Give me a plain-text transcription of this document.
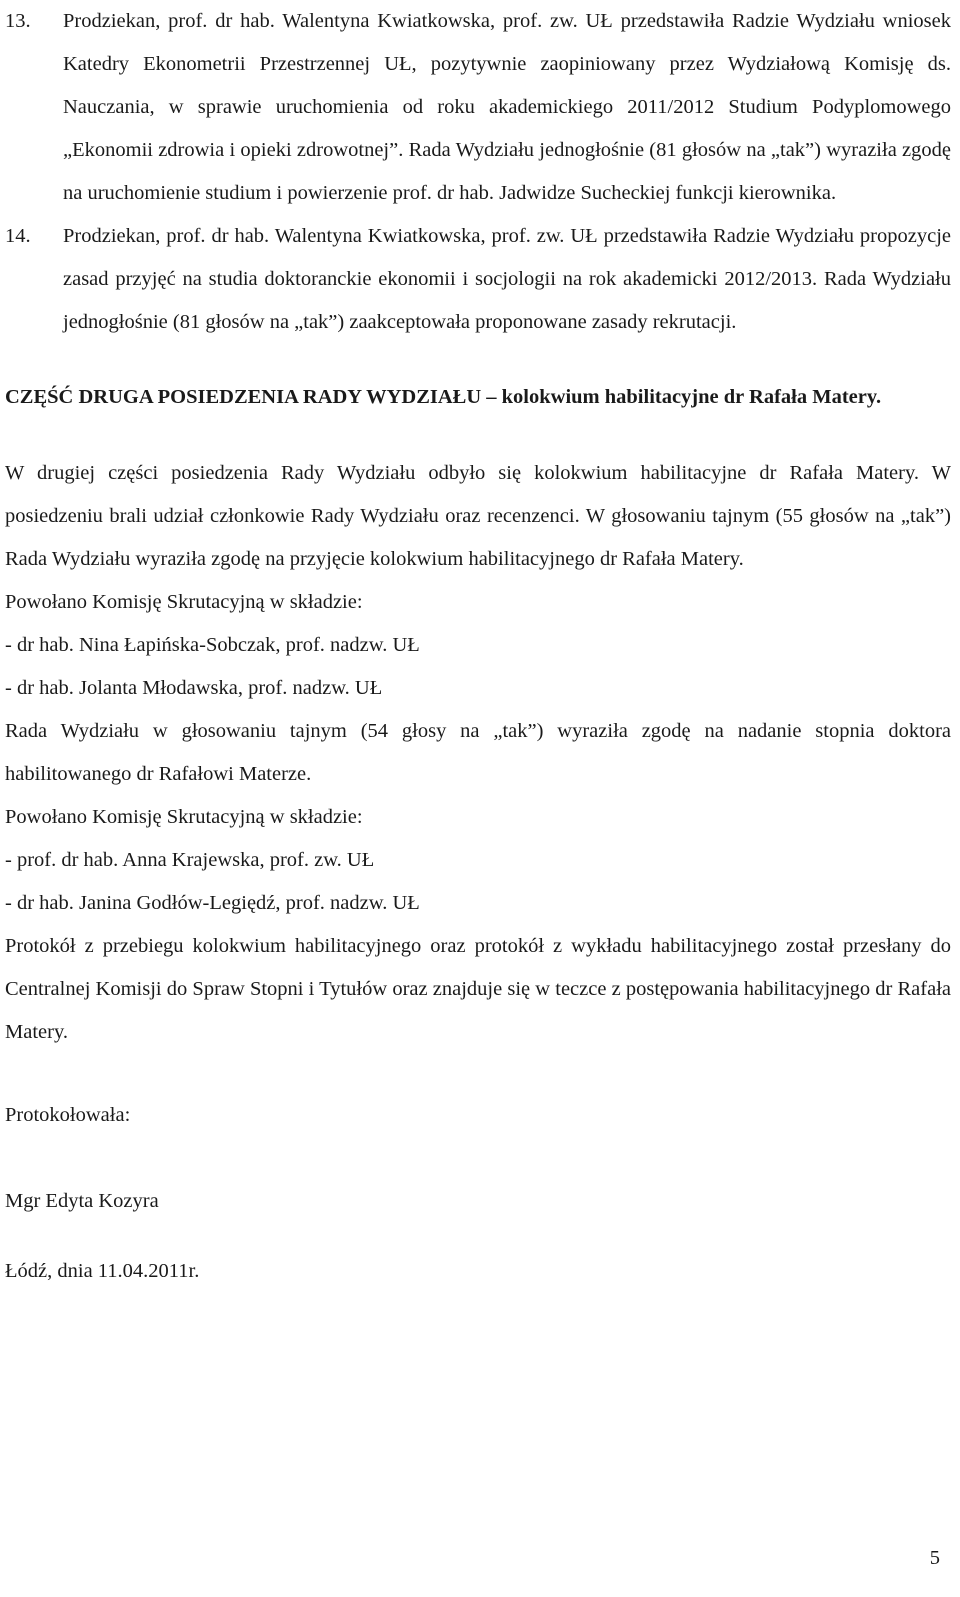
13.	Prodziekan, prof. dr hab. Walentyna Kwiatkowska, prof. zw. UŁ przedstawiła Radzie Wydziału wniosek Katedry Ekonometrii Przestrzennej UŁ, pozytywnie zaopiniowany przez Wydziałową Komisję ds. Nauczania, w sprawie uruchomienia od roku akademickiego 2011/2012 Studium Podyplomowego „Ekonomii zdrowia i opieki zdrowotnej”. Rada Wydziału jednogłośnie (81 głosów na „tak”) wyraziła zgodę na uruchomienie studium i powierzenie prof. dr hab. Jadwidze Sucheckiej funkcji kierownika.
14.	Prodziekan, prof. dr hab. Walentyna Kwiatkowska, prof. zw. UŁ przedstawiła Radzie Wydziału propozycje zasad przyjęć na studia doktoranckie ekonomii i socjologii na rok akademicki 2012/2013. Rada Wydziału jednogłośnie (81 głosów na „tak”) zaakceptowała proponowane zasady rekrutacji.
CZĘŚĆ DRUGA POSIEDZENIA RADY WYDZIAŁU – kolokwium habilitacyjne dr Rafała Matery.
W drugiej części posiedzenia Rady Wydziału odbyło się kolokwium habilitacyjne dr Rafała Matery. W posiedzeniu brali udział członkowie Rady Wydziału oraz recenzenci. W głosowaniu tajnym (55 głosów na „tak”) Rada Wydziału wyraziła zgodę na przyjęcie kolokwium habilitacyjnego dr Rafała Matery.
Powołano Komisję Skrutacyjną w składzie:
- dr hab. Nina Łapińska-Sobczak, prof. nadzw. UŁ
- dr hab. Jolanta Młodawska, prof. nadzw. UŁ
Rada Wydziału w głosowaniu tajnym (54 głosy na „tak”) wyraziła zgodę na nadanie stopnia doktora habilitowanego dr Rafałowi Materze.
Powołano Komisję Skrutacyjną w składzie:
- prof. dr hab. Anna Krajewska, prof. zw. UŁ
- dr hab. Janina Godłów-Legiędź, prof. nadzw. UŁ
Protokół z przebiegu kolokwium habilitacyjnego oraz protokół z wykładu habilitacyjnego został przesłany do Centralnej Komisji do Spraw Stopni i Tytułów oraz znajduje się w teczce z postępowania habilitacyjnego dr Rafała Matery.
Protokołowała:
Mgr Edyta Kozyra
Łódź, dnia 11.04.2011r.
5
